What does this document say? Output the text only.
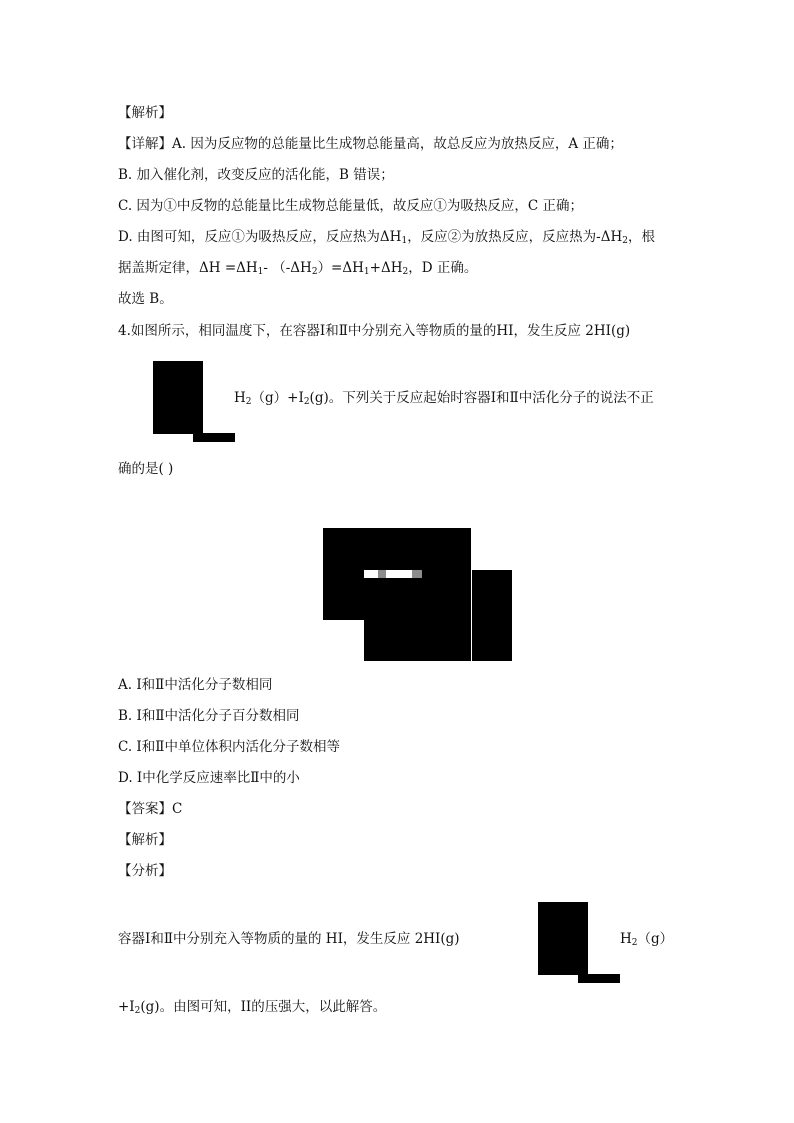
【解析】
【详解】A. 因为反应物的总能量比生成物总能量高，故总反应为放热反应，A 正确；
B. 加入催化剂，改变反应的活化能，B 错误；
C. 因为①中反物的总能量比生成物总能量低，故反应①为吸热反应，C 正确；
D. 由图可知，反应①为吸热反应，反应热为$\Delta H_1$，反应②为放热反应，反应热为$-\Delta H_2$，根
据盖斯定律，$\Delta H =\Delta H_1-$ $(-\Delta H_2)=\Delta H_1+\Delta H_2$，D 正确。
故选 B。
4.如图所示，相同温度下，在容器Ⅰ和Ⅱ中分别充入等物质的量的HI，发生反应 2HI(g)
$H_2(g)+I_2(g)$。下列关于反应起始时容器Ⅰ和Ⅱ中活化分子的说法不正
确的是( )
A. Ⅰ和Ⅱ中活化分子数相同
B. Ⅰ和Ⅱ中活化分子百分数相同
C. Ⅰ和Ⅱ中单位体积内活化分子数相等
D. Ⅰ中化学反应速率比Ⅱ中的小
【答案】C
【解析】
【分析】
容器Ⅰ和Ⅱ中分别充入等物质的量的 HI，发生反应 2HI(g)	$H_2(g)$
$+I_2(g)$。由图可知，II的压强大，以此解答。
